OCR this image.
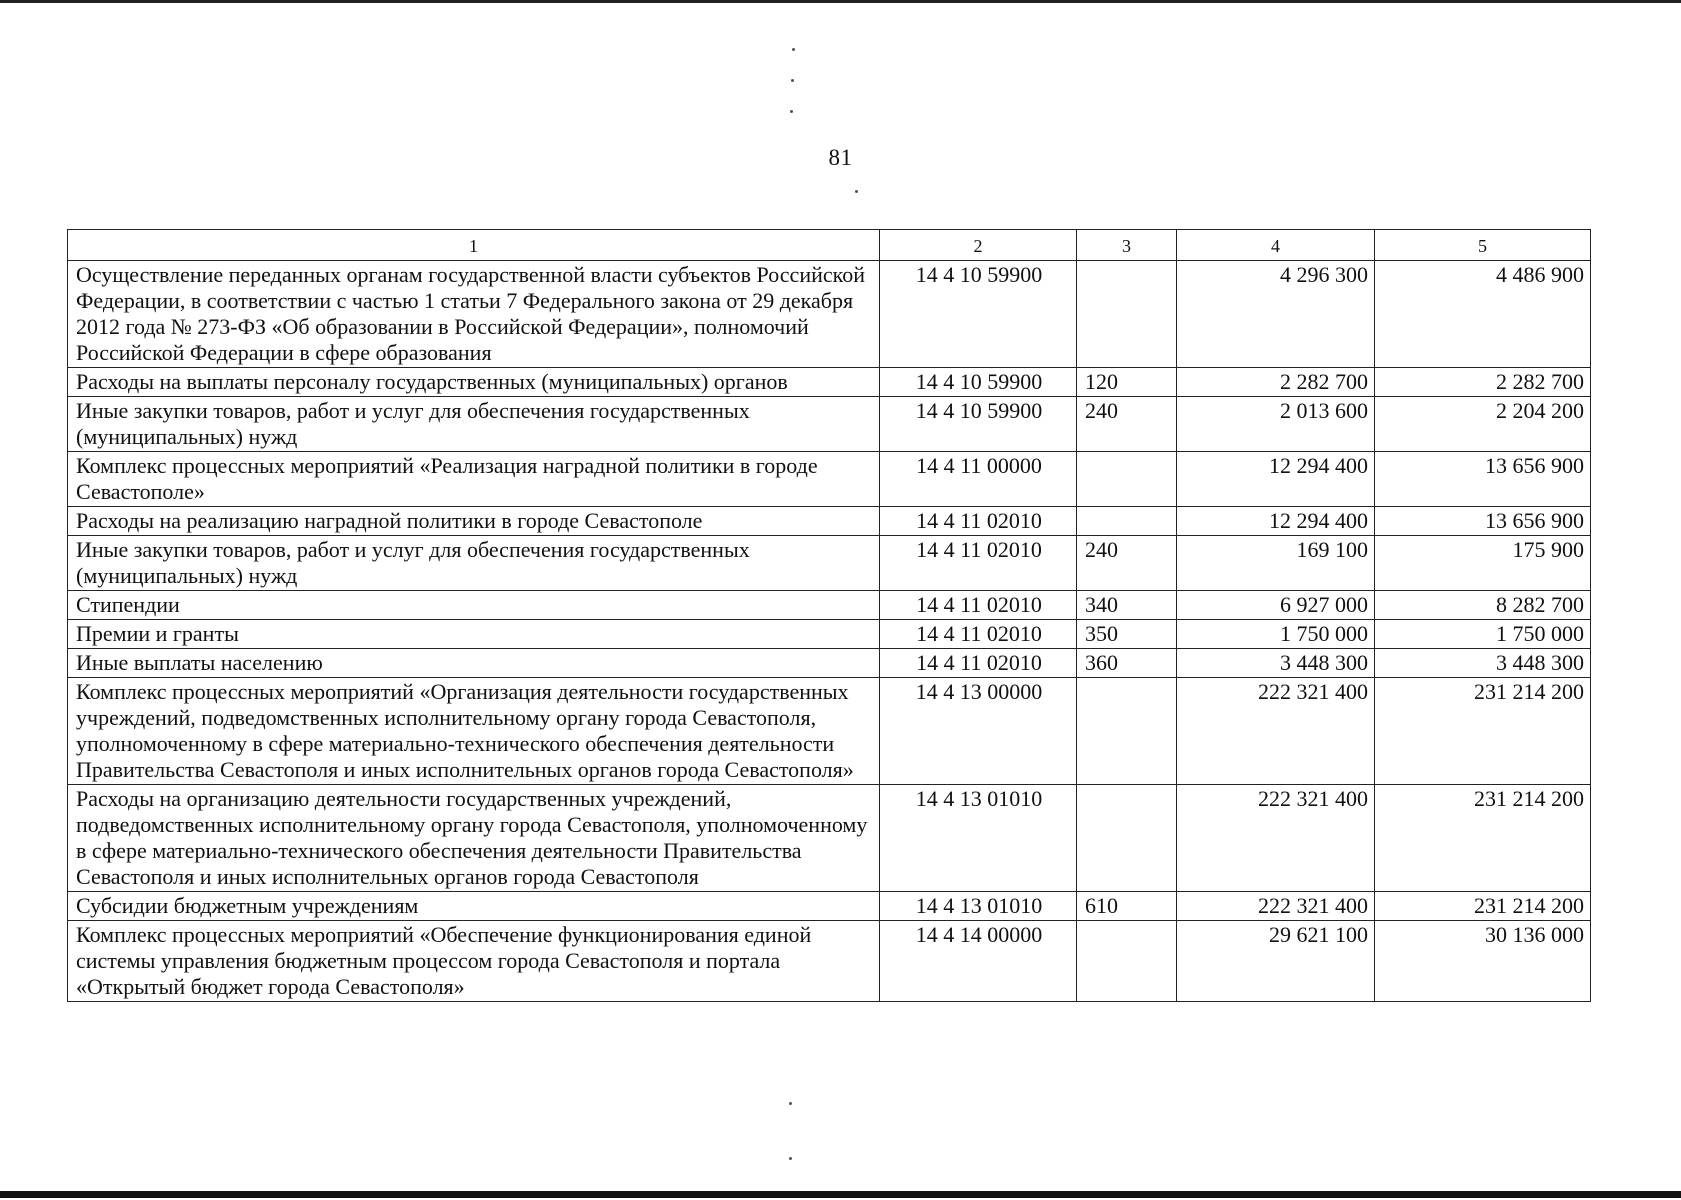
81
1	2	3	4	5
Осуществление переданных органам государственной власти субъектов Российской Федерации, в соответствии с частью 1 статьи 7 Федерального закона от 29 декабря 2012 года № 273-ФЗ «Об образовании в Российской Федерации», полномочий Российской Федерации в сфере образования	14 4 10 59900		4 296 300	4 486 900
Расходы на выплаты персоналу государственных (муниципальных) органов	14 4 10 59900	120	2 282 700	2 282 700
Иные закупки товаров, работ и услуг для обеспечения государственных (муниципальных) нужд	14 4 10 59900	240	2 013 600	2 204 200
Комплекс процессных мероприятий «Реализация наградной политики в городе Севастополе»	14 4 11 00000		12 294 400	13 656 900
Расходы на реализацию наградной политики в городе Севастополе	14 4 11 02010		12 294 400	13 656 900
Иные закупки товаров, работ и услуг для обеспечения государственных (муниципальных) нужд	14 4 11 02010	240	169 100	175 900
Стипендии	14 4 11 02010	340	6 927 000	8 282 700
Премии и гранты	14 4 11 02010	350	1 750 000	1 750 000
Иные выплаты населению	14 4 11 02010	360	3 448 300	3 448 300
Комплекс процессных мероприятий «Организация деятельности государственных учреждений, подведомственных исполнительному органу города Севастополя, уполномоченному в сфере материально-технического обеспечения деятельности Правительства Севастополя и иных исполнительных органов города Севастополя»	14 4 13 00000		222 321 400	231 214 200
Расходы на организацию деятельности государственных учреждений, подведомственных исполнительному органу города Севастополя, уполномоченному в сфере материально-технического обеспечения деятельности Правительства Севастополя и иных исполнительных органов города Севастополя	14 4 13 01010		222 321 400	231 214 200
Субсидии бюджетным учреждениям	14 4 13 01010	610	222 321 400	231 214 200
Комплекс процессных мероприятий «Обеспечение функционирования единой системы управления бюджетным процессом города Севастополя и портала «Открытый бюджет города Севастополя»	14 4 14 00000		29 621 100	30 136 000
